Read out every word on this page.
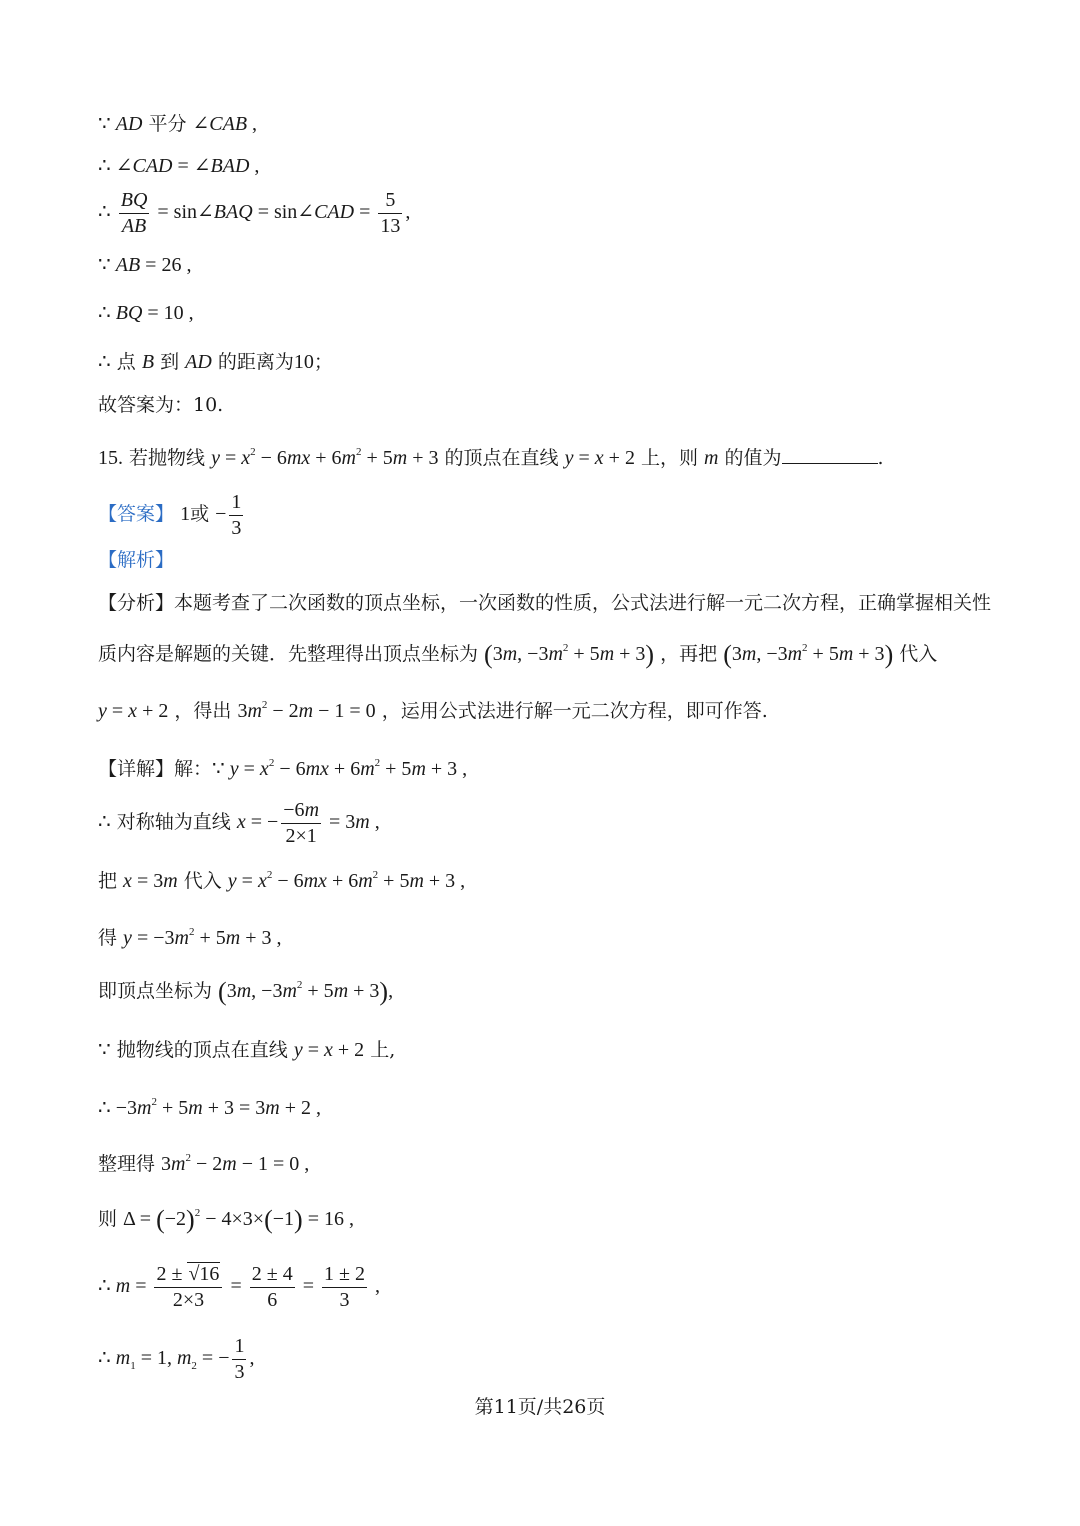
∵ AD 平分 ∠CAB ,
∴ ∠CAD = ∠BAD ,
∴ $\frac{BQ}{AB}$ = sin∠BAQ = sin∠CAD = $\frac{5}{13}$ ,
∵ AB = 26 ,
∴ BQ = 10 ,
∴ 点 B 到 AD 的距离为10；
故答案为：10.
15. 若抛物线 $y = x^2 - 6mx + 6m^2 + 5m + 3$ 的顶点在直线 y = x + 2 上，则 m 的值为	.
【答案】 1或 − $\frac{1}{3}$
【解析】
【分析】本题考查了二次函数的顶点坐标，一次函数的性质，公式法进行解一元二次方程，正确掌握相关性
质内容是解题的关键．先整理得出顶点坐标为 (3m, $-3m^2 + 5m + 3$) ，再把 (3m, $-3m^2 + 5m + 3$) 代入
y = x + 2 ，得出 $3m^2 - 2m - 1 = 0$ ，运用公式法进行解一元二次方程，即可作答.
【详解】解：∵ $y = x^2 - 6mx + 6m^2 + 5m + 3$ ,
∴ 对称轴为直线 x = − $\frac{-6m}{2\times 1} = 3m$ ,
把 x = 3m 代入 $y = x^2 - 6mx + 6m^2 + 5m + 3$ ,
得 $y = -3m^2 + 5m + 3$ ,
即顶点坐标为 (3m, $-3m^2 + 5m + 3$),
∵ 抛物线的顶点在直线 y = x + 2 上,
∴ $-3m^2 + 5m + 3 = 3m + 2$ ,
整理得 $3m^2 - 2m - 1 = 0$ ,
则 $\Delta = (-2)^2 - 4\times 3\times(-1) = 16$ ,
∴ $m = \frac{2 \pm √16}{2\times 3} = \frac{2 \pm 4}{6} = \frac{1 \pm 2}{3}$ ,
∴ $m_1 = 1$, $m_2$ = − $\frac{1}{3}$ ,
第11页/共26页
